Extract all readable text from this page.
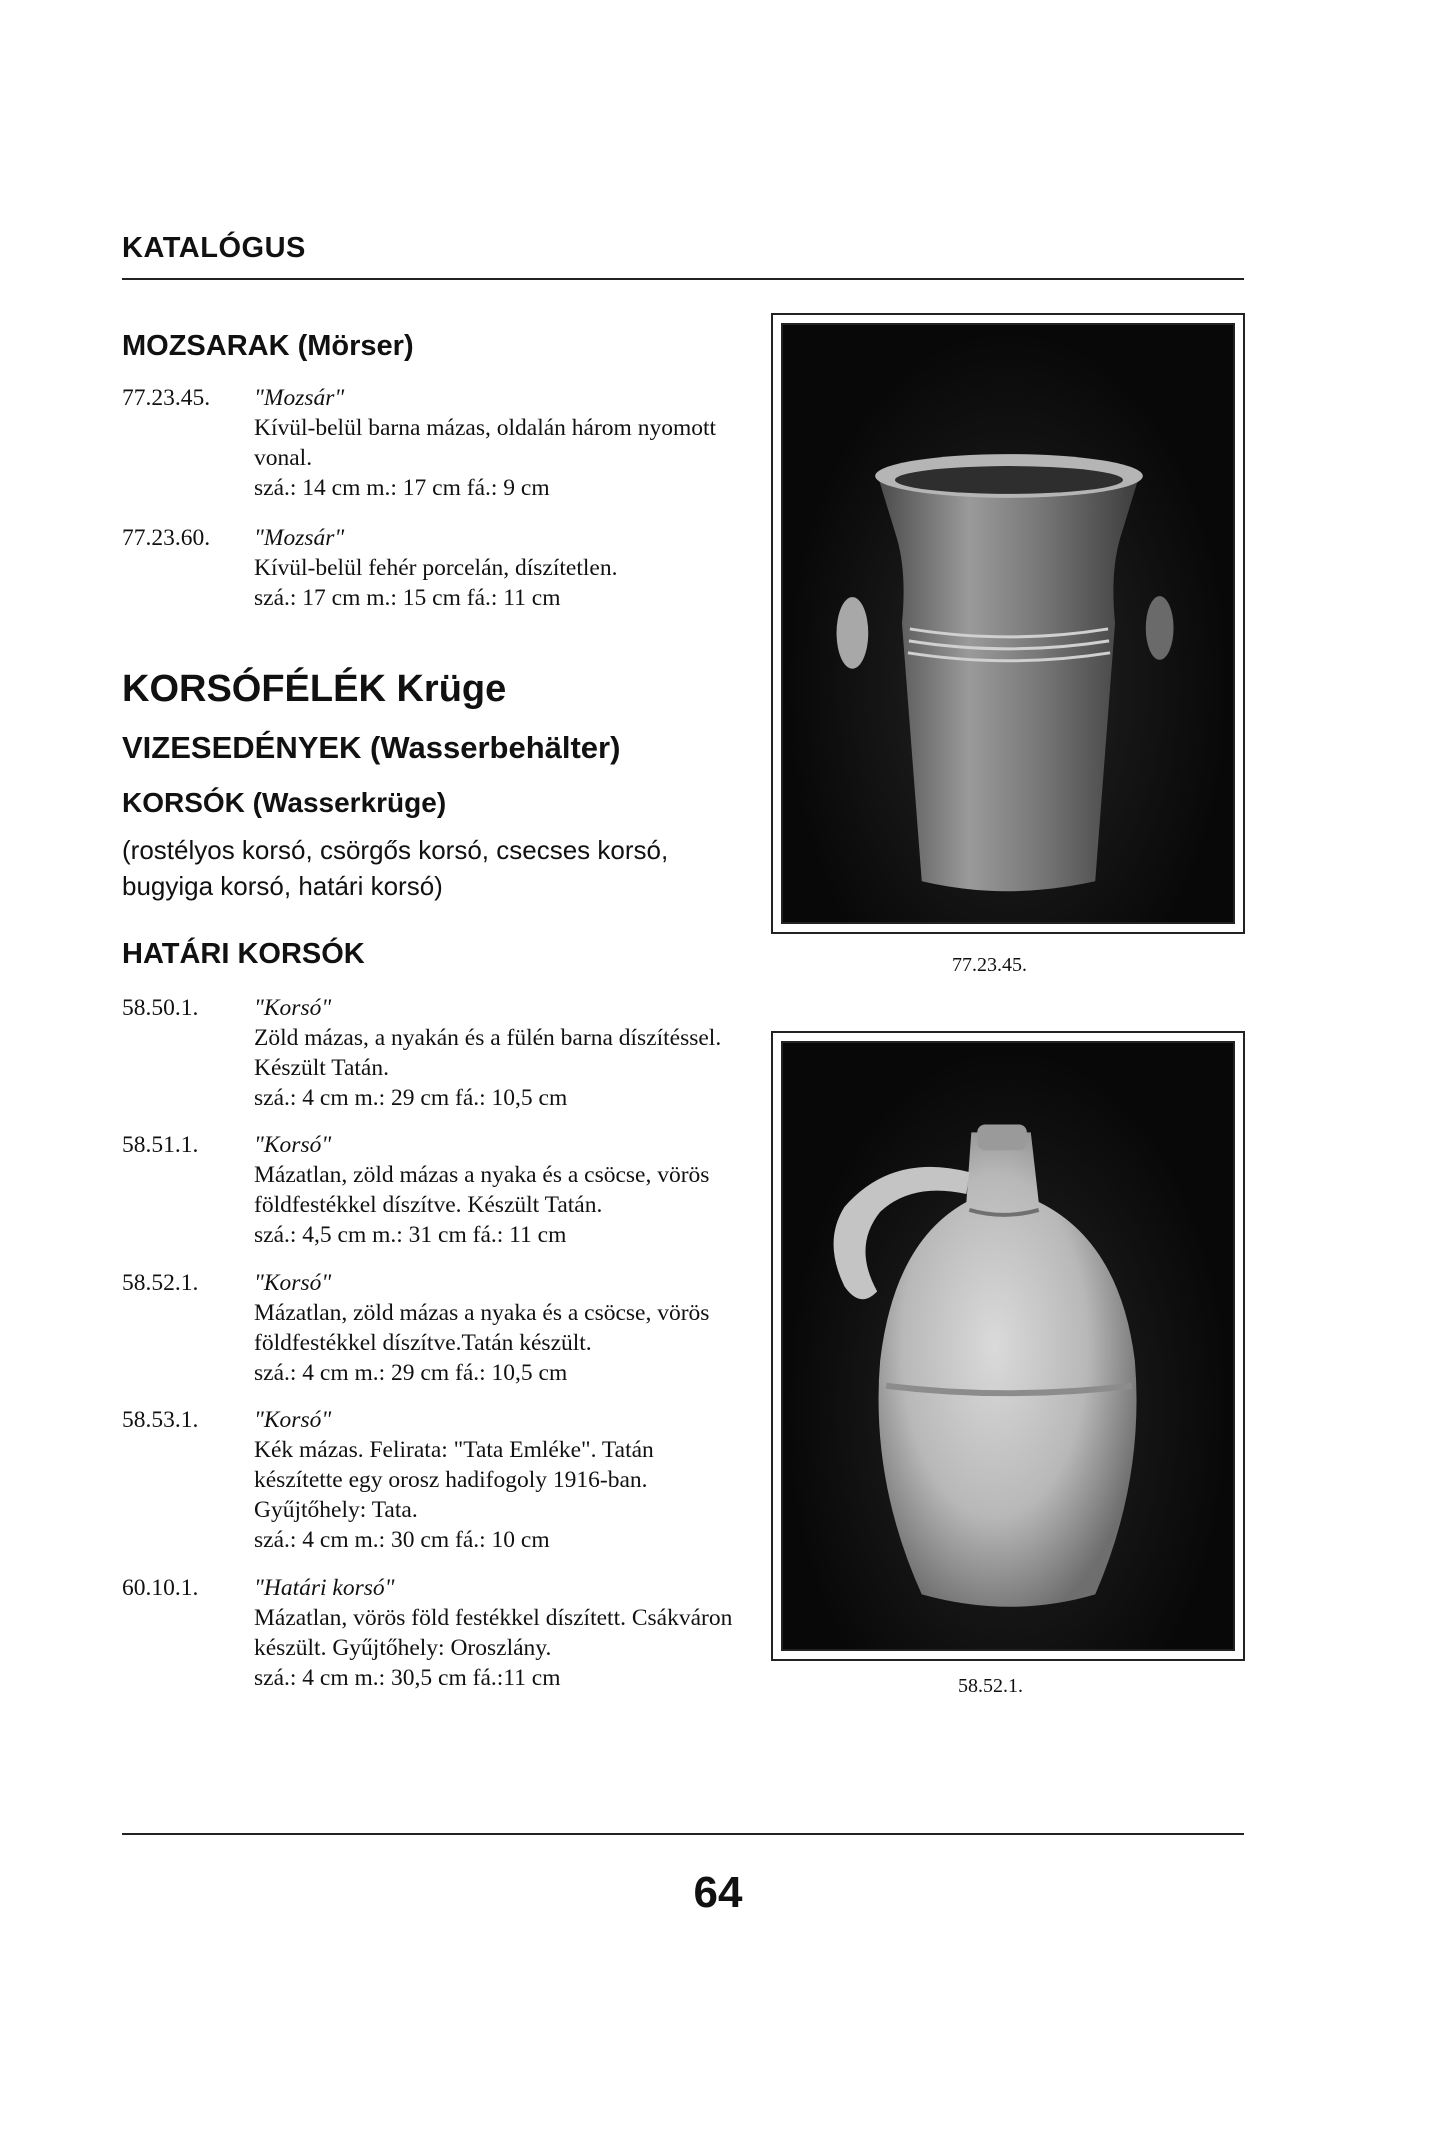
KATALÓGUS
MOZSARAK (Mörser)
77.23.45. "Mozsár"
Kívül-belül barna mázas, oldalán három nyomott vonal.
szá.: 14 cm m.: 17 cm fá.: 9 cm
77.23.60. "Mozsár"
Kívül-belül fehér porcelán, díszítetlen.
szá.: 17 cm m.: 15 cm fá.: 11 cm
KORSÓFÉLÉK Krüge
VIZESEDÉNYEK (Wasserbehälter)
KORSÓK (Wasserkrüge)
(rostélyos korsó, csörgős korsó, csecses korsó, bugyiga korsó, határi korsó)
HATÁRI KORSÓK
58.50.1. "Korsó"
Zöld mázas, a nyakán és a fülén barna díszítéssel. Készült Tatán.
szá.: 4 cm m.: 29 cm fá.: 10,5 cm
58.51.1. "Korsó"
Mázatlan, zöld mázas a nyaka és a csöcse, vörös földfestékkel díszítve. Készült Tatán.
szá.: 4,5 cm m.: 31 cm fá.: 11 cm
58.52.1. "Korsó"
Mázatlan, zöld mázas a nyaka és a csöcse, vörös földfestékkel díszítve.Tatán készült.
szá.: 4 cm m.: 29 cm fá.: 10,5 cm
58.53.1. "Korsó"
Kék mázas. Felirata: "Tata Emléke". Tatán készítette egy orosz hadifogoly 1916-ban.
Gyűjtőhely: Tata.
szá.: 4 cm m.: 30 cm fá.: 10 cm
60.10.1. "Határi korsó"
Mázatlan, vörös föld festékkel díszített. Csákváron készült. Gyűjtőhely: Oroszlány.
szá.: 4 cm m.: 30,5 cm fá.:11 cm
77.23.45.
58.52.1.
64
